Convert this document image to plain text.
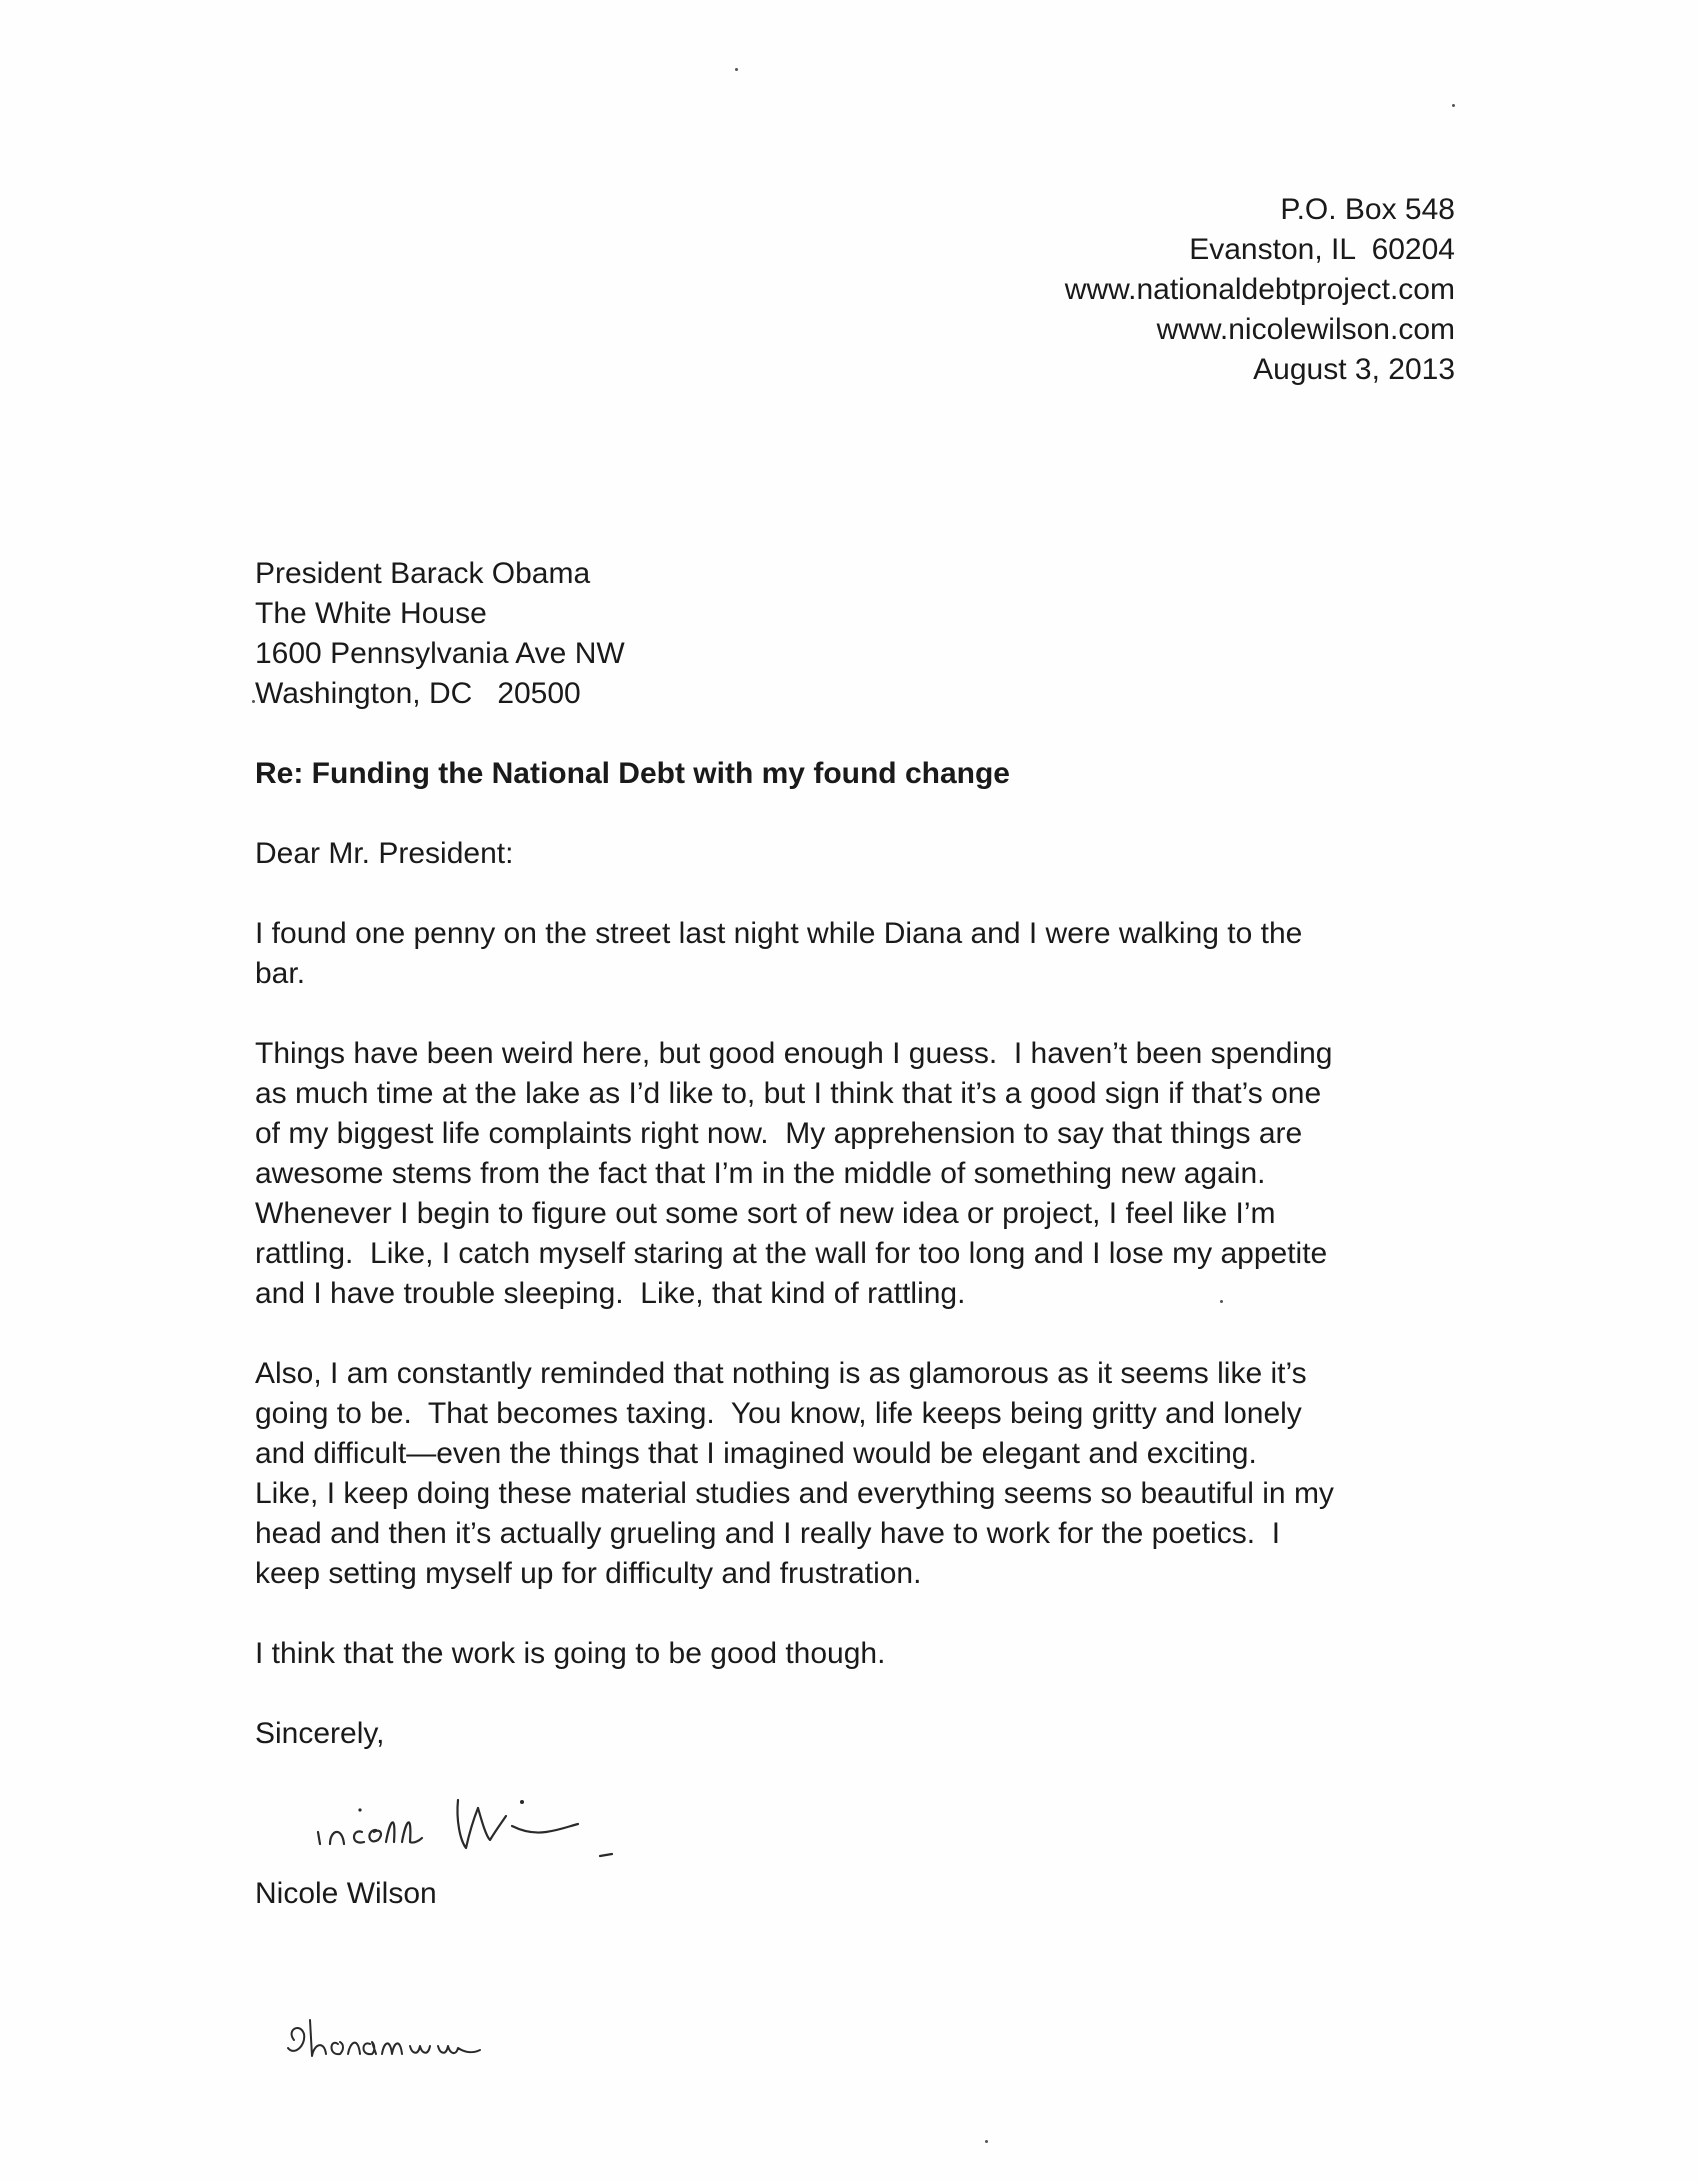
P.O. Box 548
Evanston, IL  60204
www.nationaldebtproject.com
www.nicolewilson.com
August 3, 2013
President Barack Obama
The White House
1600 Pennsylvania Ave NW
Washington, DC   20500
Re: Funding the National Debt with my found change
Dear Mr. President:
I found one penny on the street last night while Diana and I were walking to the
bar.
Things have been weird here, but good enough I guess.  I haven’t been spending
as much time at the lake as I’d like to, but I think that it’s a good sign if that’s one
of my biggest life complaints right now.  My apprehension to say that things are
awesome stems from the fact that I’m in the middle of something new again.
Whenever I begin to figure out some sort of new idea or project, I feel like I’m
rattling.  Like, I catch myself staring at the wall for too long and I lose my appetite
and I have trouble sleeping.  Like, that kind of rattling.
Also, I am constantly reminded that nothing is as glamorous as it seems like it’s
going to be.  That becomes taxing.  You know, life keeps being gritty and lonely
and difficult—even the things that I imagined would be elegant and exciting.
Like, I keep doing these material studies and everything seems so beautiful in my
head and then it’s actually grueling and I really have to work for the poetics.  I
keep setting myself up for difficulty and frustration.
I think that the work is going to be good though.
Sincerely,
Nicole Wilson
